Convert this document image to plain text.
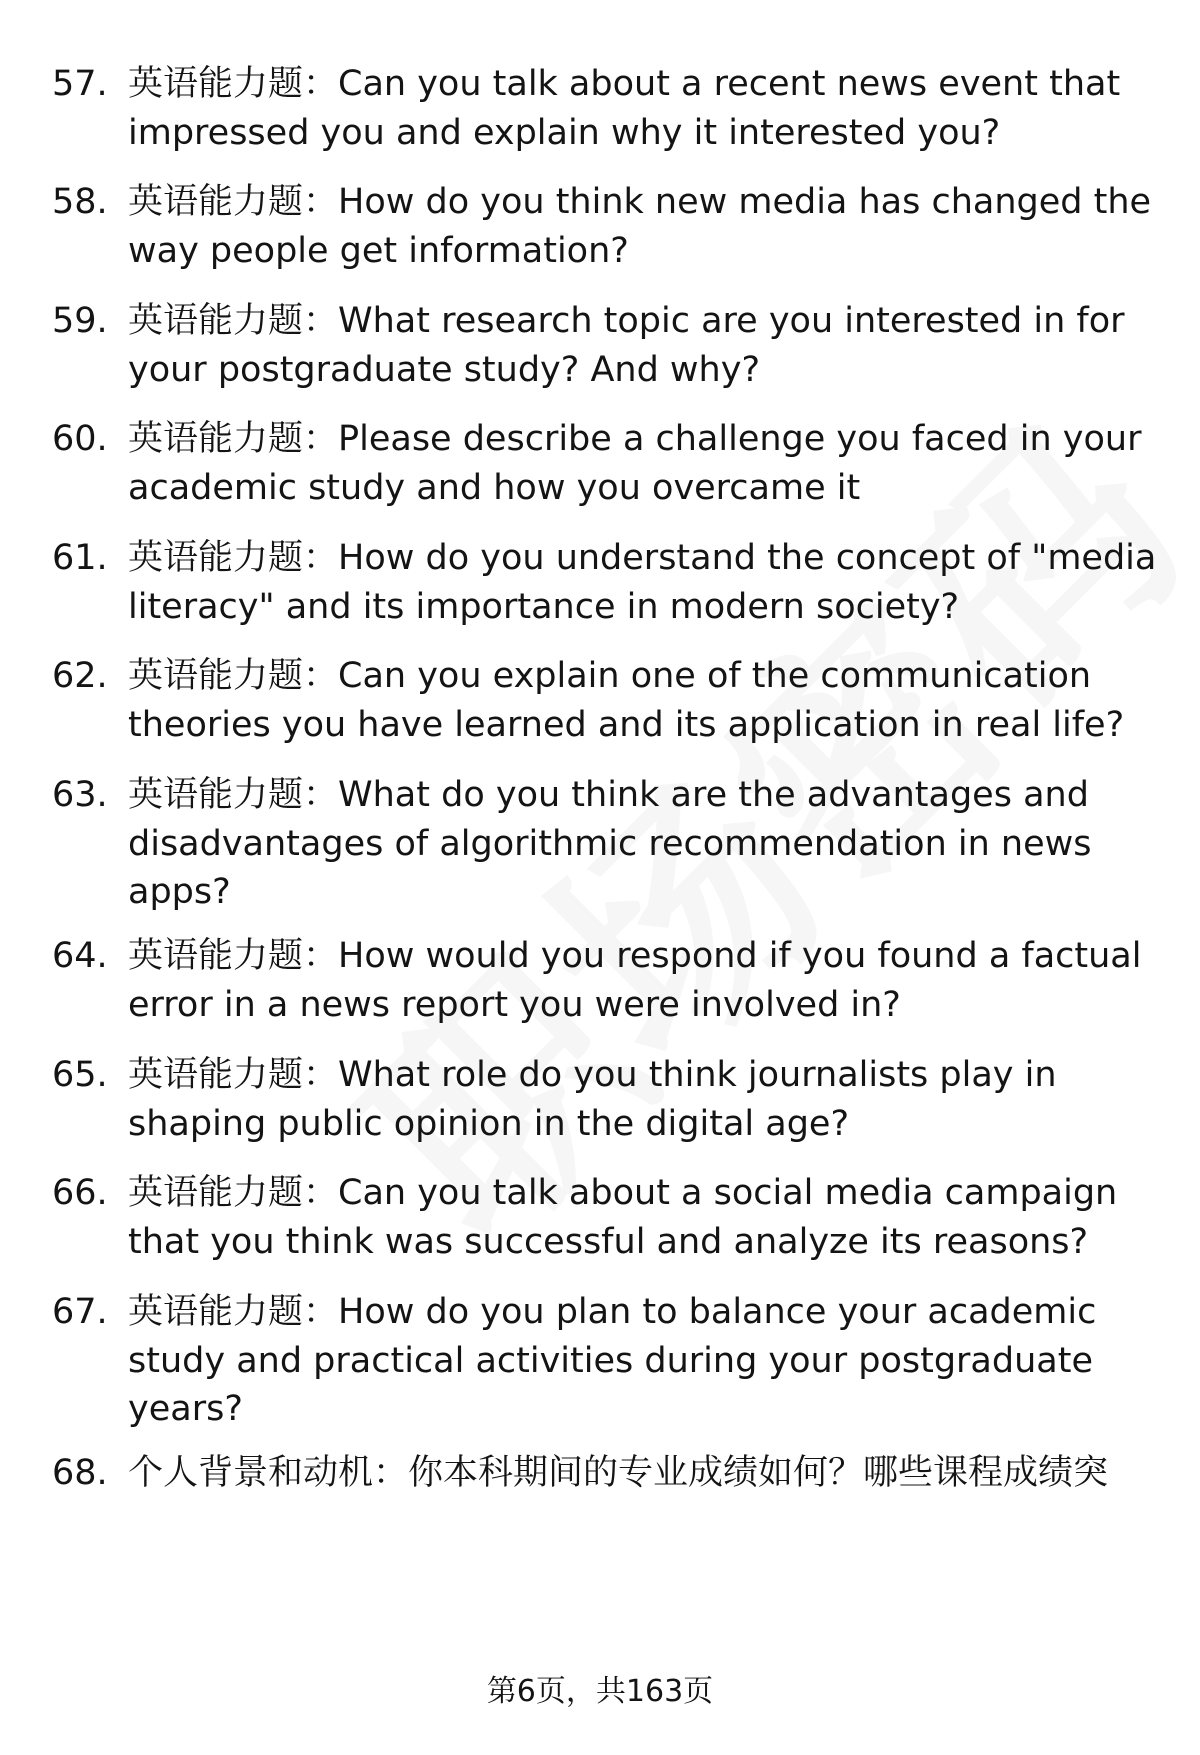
57. 英语能力题：Can you talk about a recent news event that
impressed you and explain why it interested you?
58. 英语能力题：How do you think new media has changed the
way people get information?
59. 英语能力题：What research topic are you interested in for
your postgraduate study? And why?
60. 英语能力题：Please describe a challenge you faced in your
academic study and how you overcame it
61. 英语能力题：How do you understand the concept of "media
literacy" and its importance in modern society?
62. 英语能力题：Can you explain one of the communication
theories you have learned and its application in real life?
63. 英语能力题：What do you think are the advantages and
disadvantages of algorithmic recommendation in news
apps?
64. 英语能力题：How would you respond if you found a factual
error in a news report you were involved in?
65. 英语能力题：What role do you think journalists play in
shaping public opinion in the digital age?
66. 英语能力题：Can you talk about a social media campaign
that you think was successful and analyze its reasons?
67. 英语能力题：How do you plan to balance your academic
study and practical activities during your postgraduate
years?
68. 个人背景和动机：你本科期间的专业成绩如何？哪些课程成绩突
第6页，共163页
